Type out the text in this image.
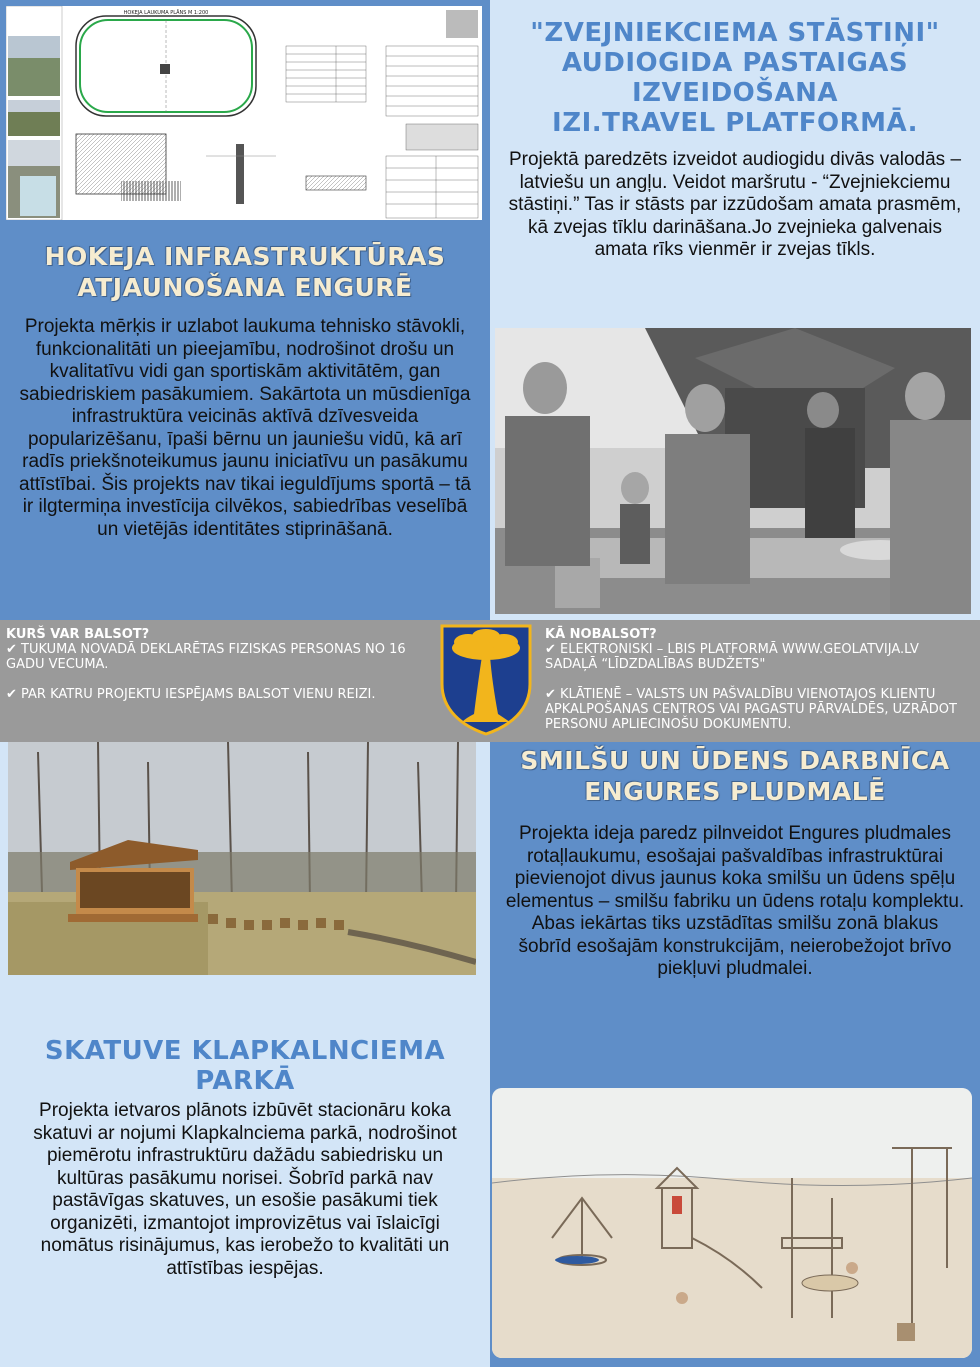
HOKEJA LAUKUMA PLĀNS M 1:200
HOKEJA INFRASTRUKTŪRAS
ATJAUNOŠANA ENGURĒ
Projekta mērķis ir uzlabot laukuma tehnisko stāvokli, funkcionalitāti un pieejamību, nodrošinot drošu un kvalitatīvu vidi gan sportiskām aktivitātēm, gan sabiedriskiem pasākumiem. Sakārtota un mūsdienīga infrastruktūra veicinās aktīvā dzīvesveida popularizēšanu, īpaši bērnu un jauniešu vidū, kā arī radīs priekšnoteikumus jaunu iniciatīvu un pasākumu attīstībai. Šis projekts nav tikai ieguldījums sportā – tā ir ilgtermiņa investīcija cilvēkos, sabiedrības veselībā un vietējās identitātes stiprināšanā.
"ZVEJNIEKCIEMA STĀSTIŅI"
AUDIOGIDA PASTAIGAS
IZVEIDOŠANA
IZI.TRAVEL PLATFORMĀ.
Projektā paredzēts izveidot audiogidu divās valodās – latviešu un angļu. Veidot maršrutu - “Zvejniekciemu stāstiņi.” Tas ir stāsts par izzūdošam amata prasmēm, kā zvejas tīklu darināšana.Jo zvejnieka galvenais amata rīks vienmēr ir zvejas tīkls.
KURŠ VAR BALSOT?
✔ TUKUMA NOVADĀ DEKLARĒTAS FIZISKAS PERSONAS NO 16 GADU VECUMA.
✔ PAR KATRU PROJEKTU IESPĒJAMS BALSOT VIENU REIZI.
KĀ NOBALSOT?
✔ ELEKTRONISKI – LBIS PLATFORMĀ WWW.GEOLATVIJA.LV SADAĻĀ “LĪDZDALĪBAS BUDŽETS"
✔ KLĀTIENĒ – VALSTS UN PAŠVALDĪBU VIENOTAJOS KLIENTU APKALPOŠANAS CENTROS VAI PAGASTU PĀRVALDĒS, UZRĀDOT PERSONU APLIECINOŠU DOKUMENTU.
SMILŠU UN ŪDENS DARBNĪCA
ENGURES PLUDMALĒ
Projekta ideja paredz pilnveidot Engures pludmales rotaļlaukumu, esošajai pašvaldības infrastruktūrai pievienojot divus jaunus koka smilšu un ūdens spēļu elementus – smilšu fabriku un ūdens rotaļu komplektu. Abas iekārtas tiks uzstādītas smilšu zonā blakus šobrīd esošajām konstrukcijām, neierobežojot brīvo piekļuvi pludmalei.
SKATUVE KLAPKALNCIEMA
PARKĀ
Projekta ietvaros plānots izbūvēt stacionāru koka skatuvi ar nojumi Klapkalnciema parkā, nodrošinot piemērotu infrastruktūru dažādu sabiedrisku un kultūras pasākumu norisei. Šobrīd parkā nav pastāvīgas skatuves, un esošie pasākumi tiek organizēti, izmantojot improvizētus vai īslaicīgi nomātus risinājumus, kas ierobežo to kvalitāti un attīstības iespējas.
